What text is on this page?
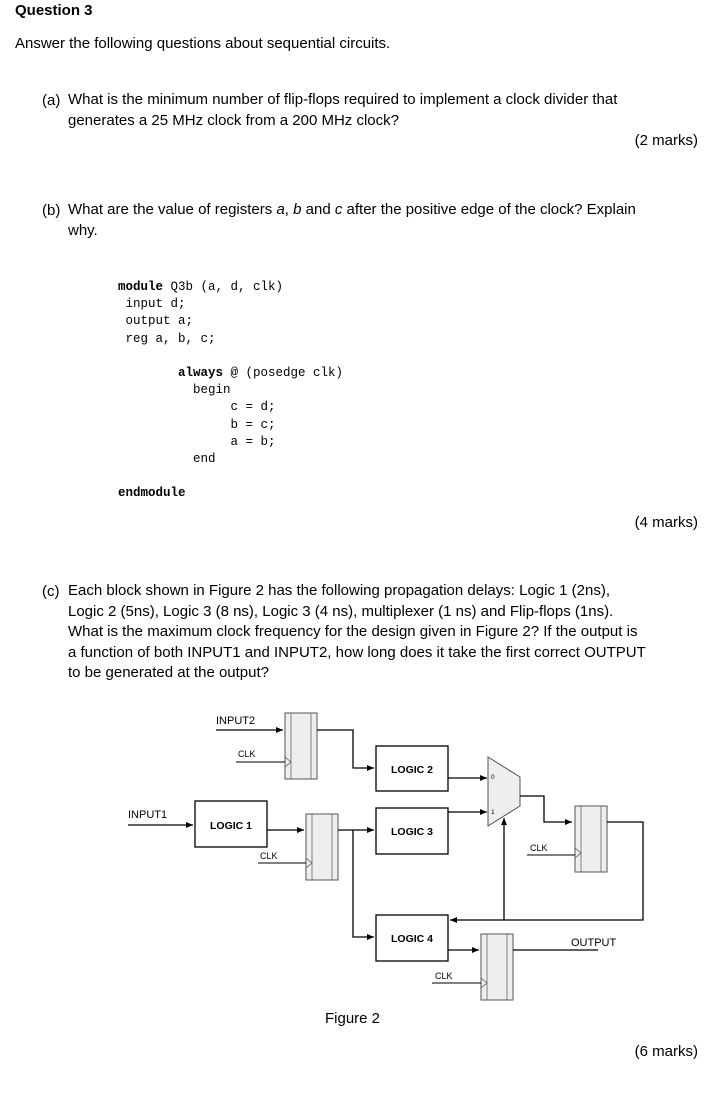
Question 3
Answer the following questions about sequential circuits.
(a) What is the minimum number of flip-flops required to implement a clock divider that
generates a 25 MHz clock from a 200 MHz clock?
(2 marks)
(b) What are the value of registers a, b and c after the positive edge of the clock? Explain
why.
module Q3b (a, d, clk)
input d;
output a;
reg a, b, c;

always @ (posedge clk)
begin
c = d;
b = c;
a = b;
end

endmodule
(4 marks)
(c) Each block shown in Figure 2 has the following propagation delays: Logic 1 (2ns),
Logic 2 (5ns), Logic 3 (8 ns), Logic 3 (4 ns), multiplexer (1 ns) and Flip-flops (1ns).
What is the maximum clock frequency for the design given in Figure 2? If the output is
a function of both INPUT1 and INPUT2, how long does it take the first correct OUTPUT
to be generated at the output?
INPUT2
CLK
LOGIC 2
INPUT1
LOGIC 1
CLK
LOGIC 3
0
1
CLK
LOGIC 4
CLK
OUTPUT
Figure 2
(6 marks)
